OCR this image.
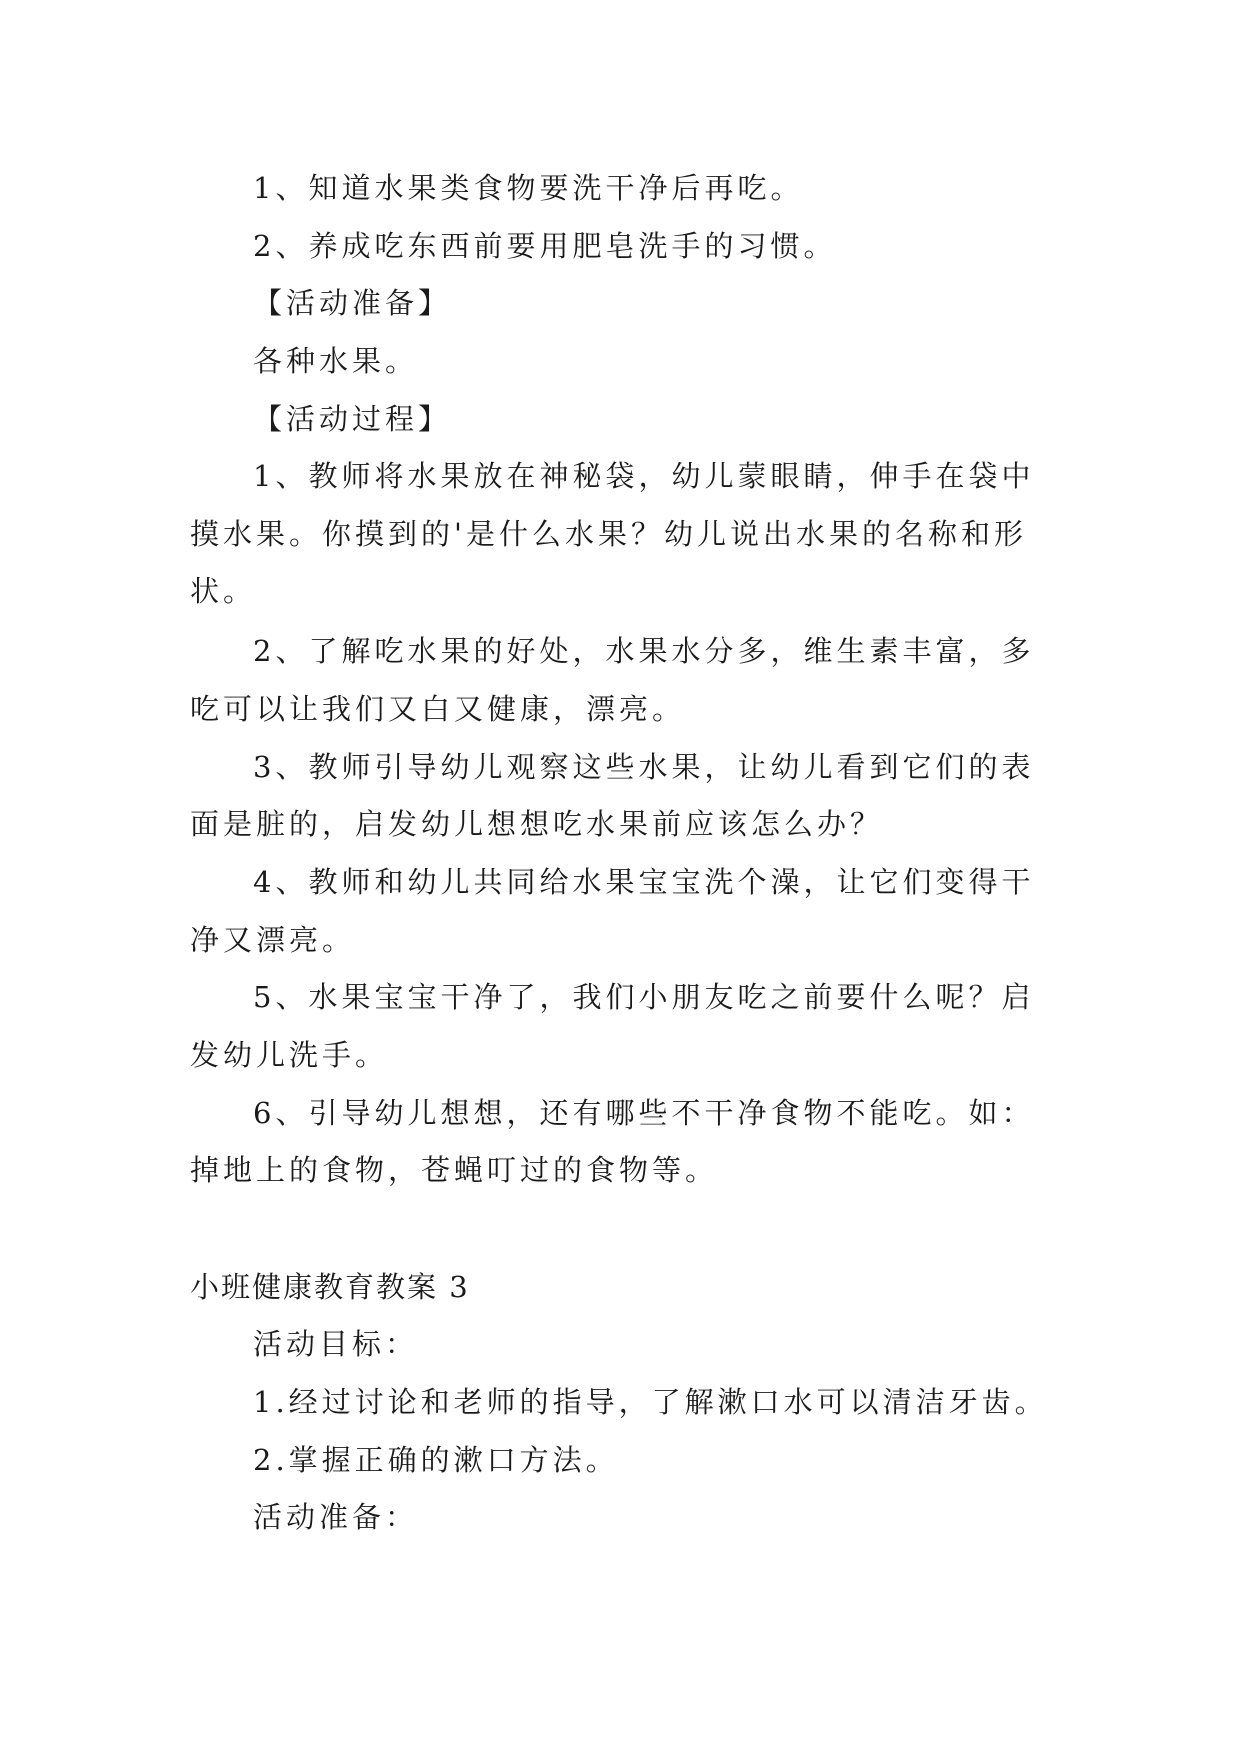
1、知道水果类食物要洗干净后再吃。
2、养成吃东西前要用肥皂洗手的习惯。
【活动准备】
各种水果。
【活动过程】
1、教师将水果放在神秘袋，幼儿蒙眼睛，伸手在袋中
摸水果。你摸到的'是什么水果？幼儿说出水果的名称和形
状。
2、了解吃水果的好处，水果水分多，维生素丰富，多
吃可以让我们又白又健康，漂亮。
3、教师引导幼儿观察这些水果，让幼儿看到它们的表
面是脏的，启发幼儿想想吃水果前应该怎么办？
4、教师和幼儿共同给水果宝宝洗个澡，让它们变得干
净又漂亮。
5、水果宝宝干净了，我们小朋友吃之前要什么呢？启
发幼儿洗手。
6、引导幼儿想想，还有哪些不干净食物不能吃。如：
掉地上的食物，苍蝇叮过的食物等。
小班健康教育教案 3
活动目标：
1.经过讨论和老师的指导，了解漱口水可以清洁牙齿。
2.掌握正确的漱口方法。
活动准备：
